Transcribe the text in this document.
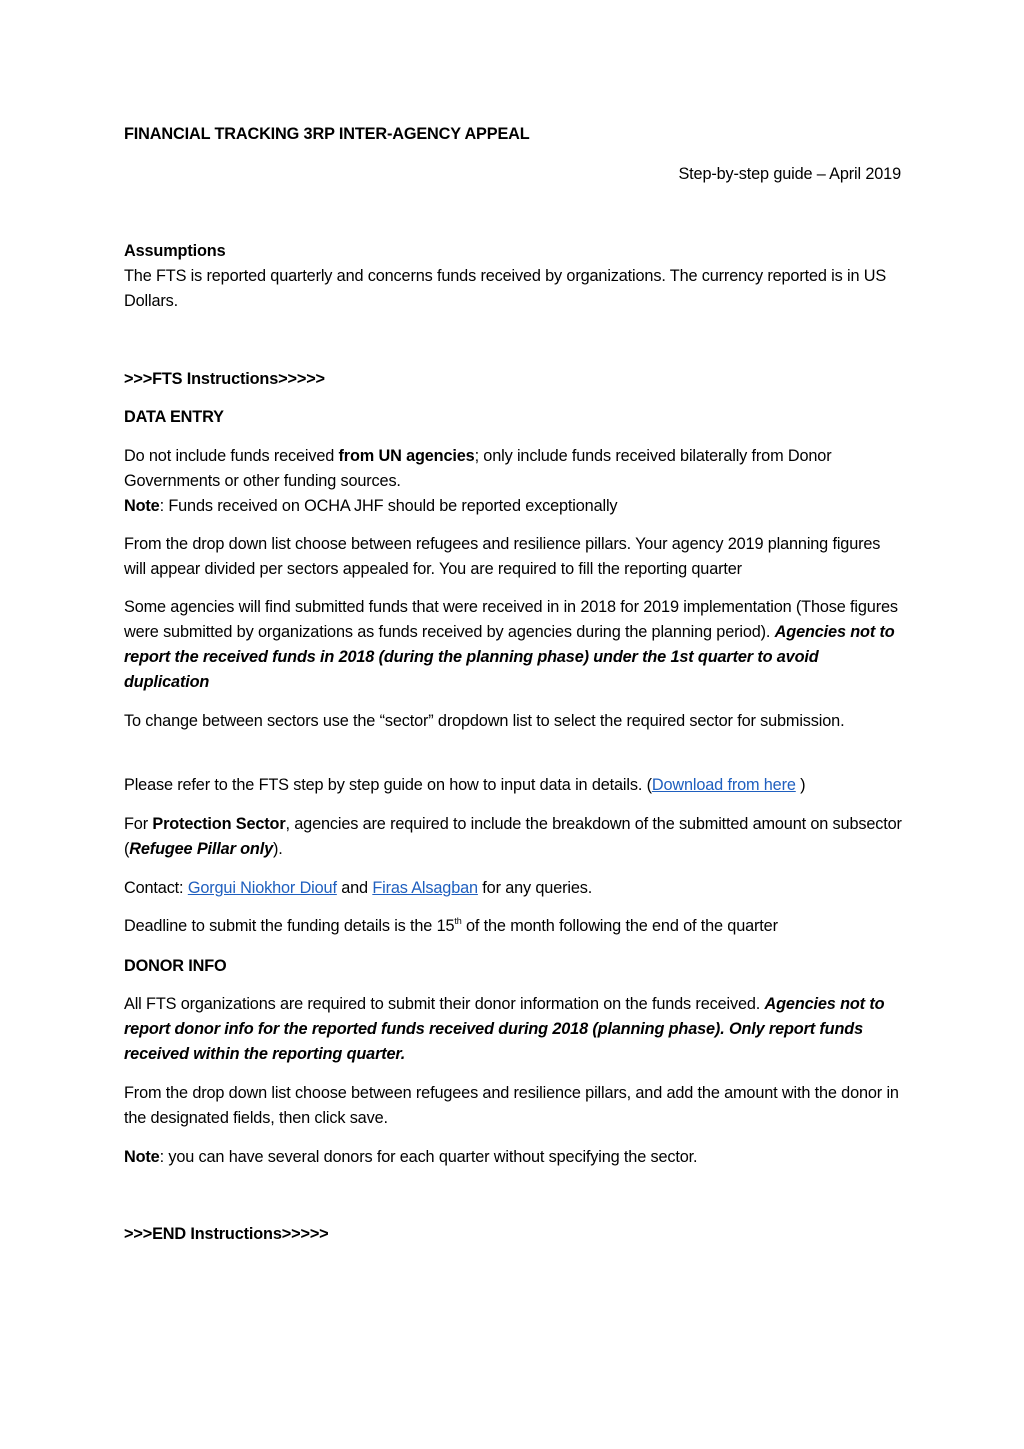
FINANCIAL TRACKING 3RP INTER-AGENCY APPEAL
Step-by-step guide – April 2019
Assumptions
The FTS is reported quarterly and concerns funds received by organizations. The currency reported is in US Dollars.
>>>FTS Instructions>>>>>
DATA ENTRY
Do not include funds received from UN agencies; only include funds received bilaterally from Donor Governments or other funding sources.
Note: Funds received on OCHA JHF should be reported exceptionally
From the drop down list choose between refugees and resilience pillars. Your agency 2019 planning figures will appear divided per sectors appealed for. You are required to fill the reporting quarter
Some agencies will find submitted funds that were received in in 2018 for 2019 implementation (Those figures were submitted by organizations as funds received by agencies during the planning period). Agencies not to report the received funds in 2018 (during the planning phase) under the 1st quarter to avoid duplication
To change between sectors use the “sector” dropdown list to select the required sector for submission.
Please refer to the FTS step by step guide on how to input data in details. (Download from here )
For Protection Sector, agencies are required to include the breakdown of the submitted amount on subsector (Refugee Pillar only).
Contact: Gorgui Niokhor Diouf and Firas Alsagban for any queries.
Deadline to submit the funding details is the 15th of the month following the end of the quarter
DONOR INFO
All FTS organizations are required to submit their donor information on the funds received. Agencies not to report donor info for the reported funds received during 2018 (planning phase). Only report funds received within the reporting quarter.
From the drop down list choose between refugees and resilience pillars, and add the amount with the donor in the designated fields, then click save.
Note: you can have several donors for each quarter without specifying the sector.
>>>END Instructions>>>>>
